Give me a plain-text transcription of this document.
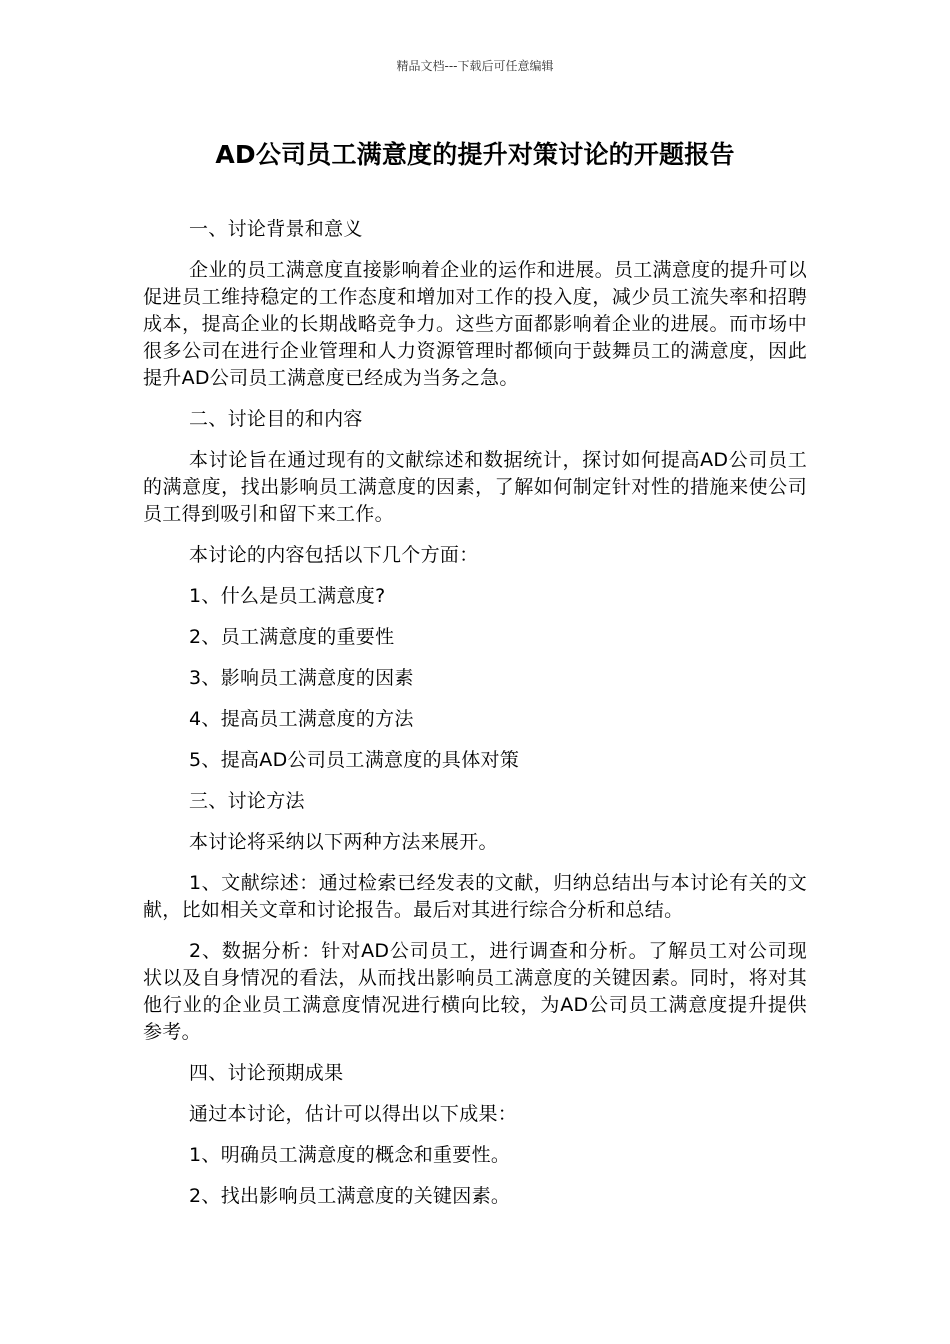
精品文档---下载后可任意编辑
AD公司员工满意度的提升对策讨论的开题报告

一、讨论背景和意义

企业的员工满意度直接影响着企业的运作和进展。员工满意度的提升可以促进员工维持稳定的工作态度和增加对工作的投入度，减少员工流失率和招聘成本，提高企业的长期战略竞争力。这些方面都影响着企业的进展。而市场中很多公司在进行企业管理和人力资源管理时都倾向于鼓舞员工的满意度，因此提升AD公司员工满意度已经成为当务之急。

二、讨论目的和内容

本讨论旨在通过现有的文献综述和数据统计，探讨如何提高AD公司员工的满意度，找出影响员工满意度的因素，了解如何制定针对性的措施来使公司员工得到吸引和留下来工作。

本讨论的内容包括以下几个方面：

1、什么是员工满意度?

2、员工满意度的重要性

3、影响员工满意度的因素

4、提高员工满意度的方法

5、提高AD公司员工满意度的具体对策

三、讨论方法

本讨论将采纳以下两种方法来展开。

1、文献综述：通过检索已经发表的文献，归纳总结出与本讨论有关的文献，比如相关文章和讨论报告。最后对其进行综合分析和总结。

2、数据分析：针对AD公司员工，进行调查和分析。了解员工对公司现状以及自身情况的看法，从而找出影响员工满意度的关键因素。同时，将对其他行业的企业员工满意度情况进行横向比较，为AD公司员工满意度提升提供参考。

四、讨论预期成果

通过本讨论，估计可以得出以下成果：

1、明确员工满意度的概念和重要性。

2、找出影响员工满意度的关键因素。
